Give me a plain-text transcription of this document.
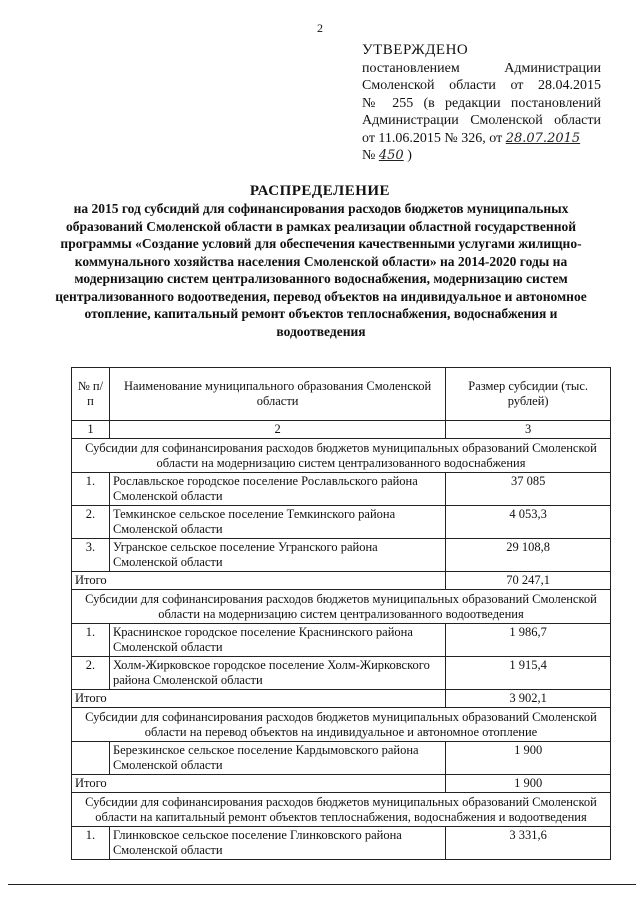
2
УТВЕРЖДЕНО
постановлением Администрации
Смоленской области от 28.04.2015
№ 255 (в редакции постановлений
Администрации Смоленской области
от 11.06.2015 № 326, от 28.07.2015
№ 450 )
РАСПРЕДЕЛЕНИЕ
на 2015 год субсидий для софинансирования расходов бюджетов муниципальных образований Смоленской области в рамках реализации областной государственной программы «Создание условий для обеспечения качественными услугами жилищно-коммунального хозяйства населения Смоленской области» на 2014-2020 годы на модернизацию систем централизованного водоснабжения, модернизацию систем централизованного водоотведения, перевод объектов на индивидуальное и автономное отопление, капитальный ремонт объектов теплоснабжения, водоснабжения и водоотведения
№ п/п	Наименование муниципального образования Смоленской области	Размер субсидии (тыс. рублей)
1	2	3
Субсидии для софинансирования расходов бюджетов муниципальных образований Смоленской области на модернизацию систем централизованного водоснабжения		
1.	Рославльское городское поселение Рославльского района Смоленской области	37 085
2.	Темкинское сельское поселение Темкинского района Смоленской области	4 053,3
3.	Угранское сельское поселение Угранского района Смоленской области	29 108,8
Итого		70 247,1
Субсидии для софинансирования расходов бюджетов муниципальных образований Смоленской области на модернизацию систем централизованного водоотведения		
1.	Краснинское городское поселение Краснинского района Смоленской области	1 986,7
2.	Холм-Жирковское городское поселение Холм-Жирковского района Смоленской области	1 915,4
Итого		3 902,1
Субсидии для софинансирования расходов бюджетов муниципальных образований Смоленской области на перевод объектов на индивидуальное и автономное отопление		
	Березкинское сельское поселение Кардымовского района Смоленской области	1 900
Итого		1 900
Субсидии для софинансирования расходов бюджетов муниципальных образований Смоленской области на капитальный ремонт объектов теплоснабжения, водоснабжения и водоотведения		
1.	Глинковское сельское поселение Глинковского района Смоленской области	3 331,6
